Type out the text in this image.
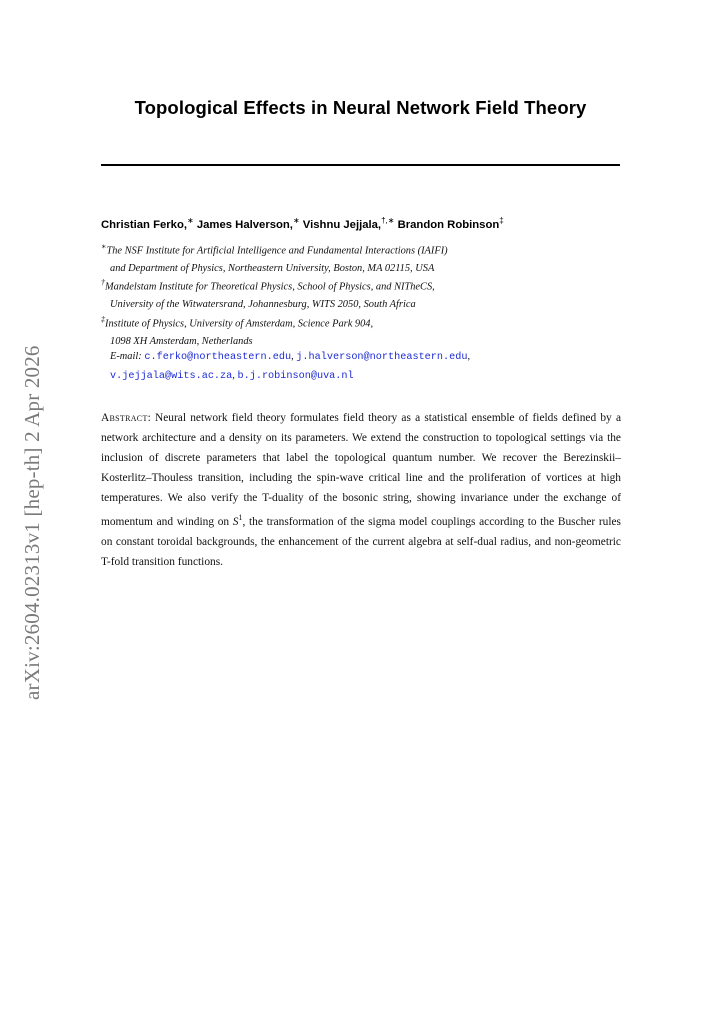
arXiv:2604.02313v1 [hep-th] 2 Apr 2026
Topological Effects in Neural Network Field Theory
Christian Ferko,∗ James Halverson,∗ Vishnu Jejjala,†,∗ Brandon Robinson‡
∗The NSF Institute for Artificial Intelligence and Fundamental Interactions (IAIFI)
and Department of Physics, Northeastern University, Boston, MA 02115, USA
†Mandelstam Institute for Theoretical Physics, School of Physics, and NITheCS,
University of the Witwatersrand, Johannesburg, WITS 2050, South Africa
‡Institute of Physics, University of Amsterdam, Science Park 904,
1098 XH Amsterdam, Netherlands
E-mail: c.ferko@northeastern.edu, j.halverson@northeastern.edu,
v.jejjala@wits.ac.za, b.j.robinson@uva.nl
Abstract: Neural network field theory formulates field theory as a statistical ensemble of fields defined by a network architecture and a density on its parameters. We extend the construction to topological settings via the inclusion of discrete parameters that label the topological quantum number. We recover the Berezinskii–Kosterlitz–Thouless transition, including the spin-wave critical line and the proliferation of vortices at high temperatures. We also verify the T-duality of the bosonic string, showing invariance under the exchange of momentum and winding on $S^1$, the transformation of the sigma model couplings according to the Buscher rules on constant toroidal backgrounds, the enhancement of the current algebra at self-dual radius, and non-geometric T-fold transition functions.
